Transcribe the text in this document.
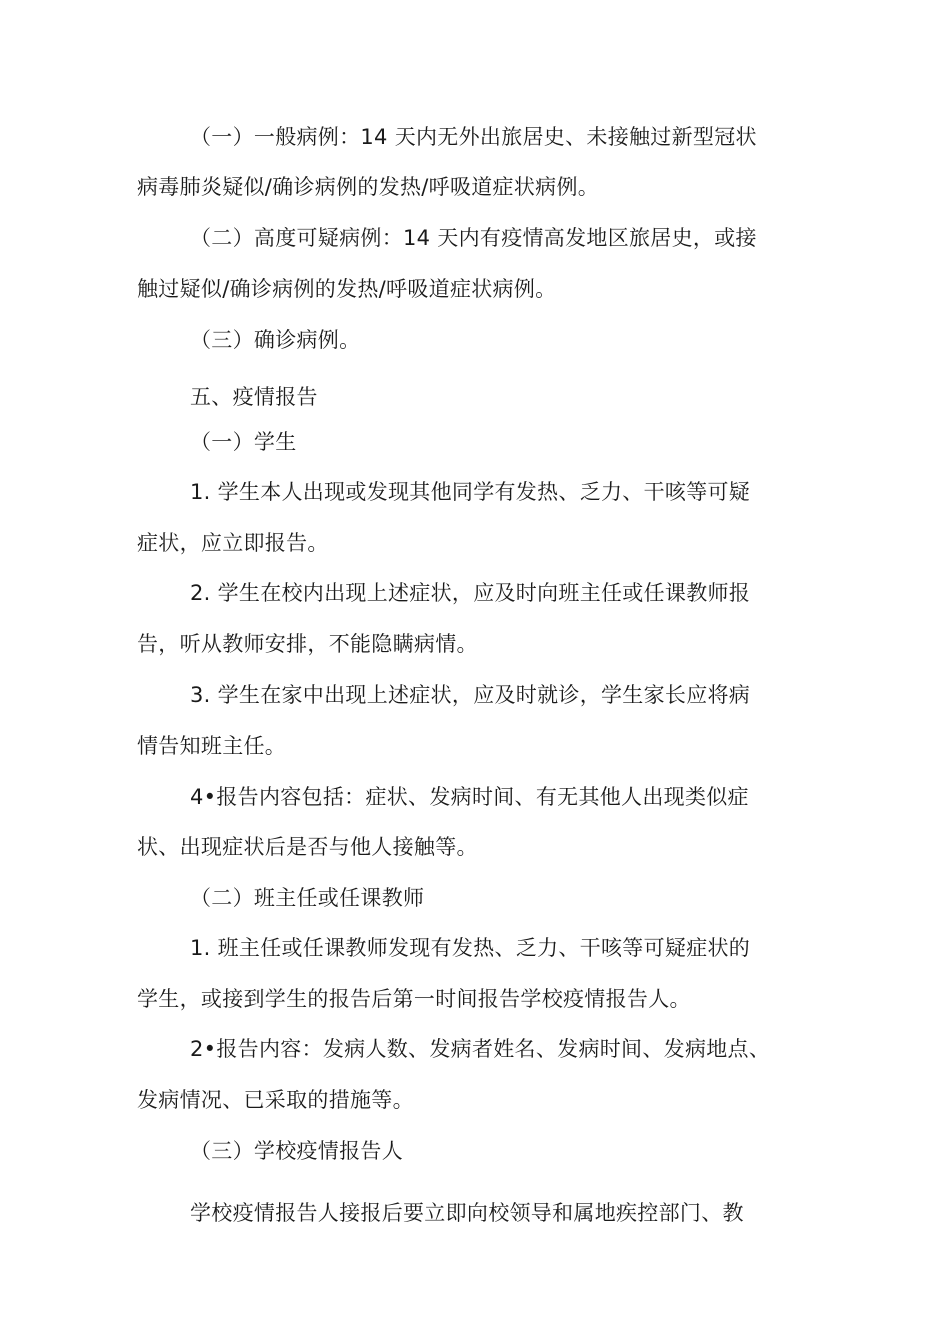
（一）一般病例：14 天内无外出旅居史、未接触过新型冠状
病毒肺炎疑似/确诊病例的发热/呼吸道症状病例。
（二）高度可疑病例：14 天内有疫情高发地区旅居史，或接
触过疑似/确诊病例的发热/呼吸道症状病例。
（三）确诊病例。
五、疫情报告
（一）学生
1. 学生本人出现或发现其他同学有发热、乏力、干咳等可疑
症状，应立即报告。
2. 学生在校内出现上述症状，应及时向班主任或任课教师报
告，听从教师安排，不能隐瞒病情。
3. 学生在家中出现上述症状，应及时就诊，学生家长应将病
情告知班主任。
4•报告内容包括：症状、发病时间、有无其他人出现类似症
状、出现症状后是否与他人接触等。
（二）班主任或任课教师
1. 班主任或任课教师发现有发热、乏力、干咳等可疑症状的
学生，或接到学生的报告后第一时间报告学校疫情报告人。
2•报告内容：发病人数、发病者姓名、发病时间、发病地点、
发病情况、已采取的措施等。
（三）学校疫情报告人
学校疫情报告人接报后要立即向校领导和属地疾控部门、教
